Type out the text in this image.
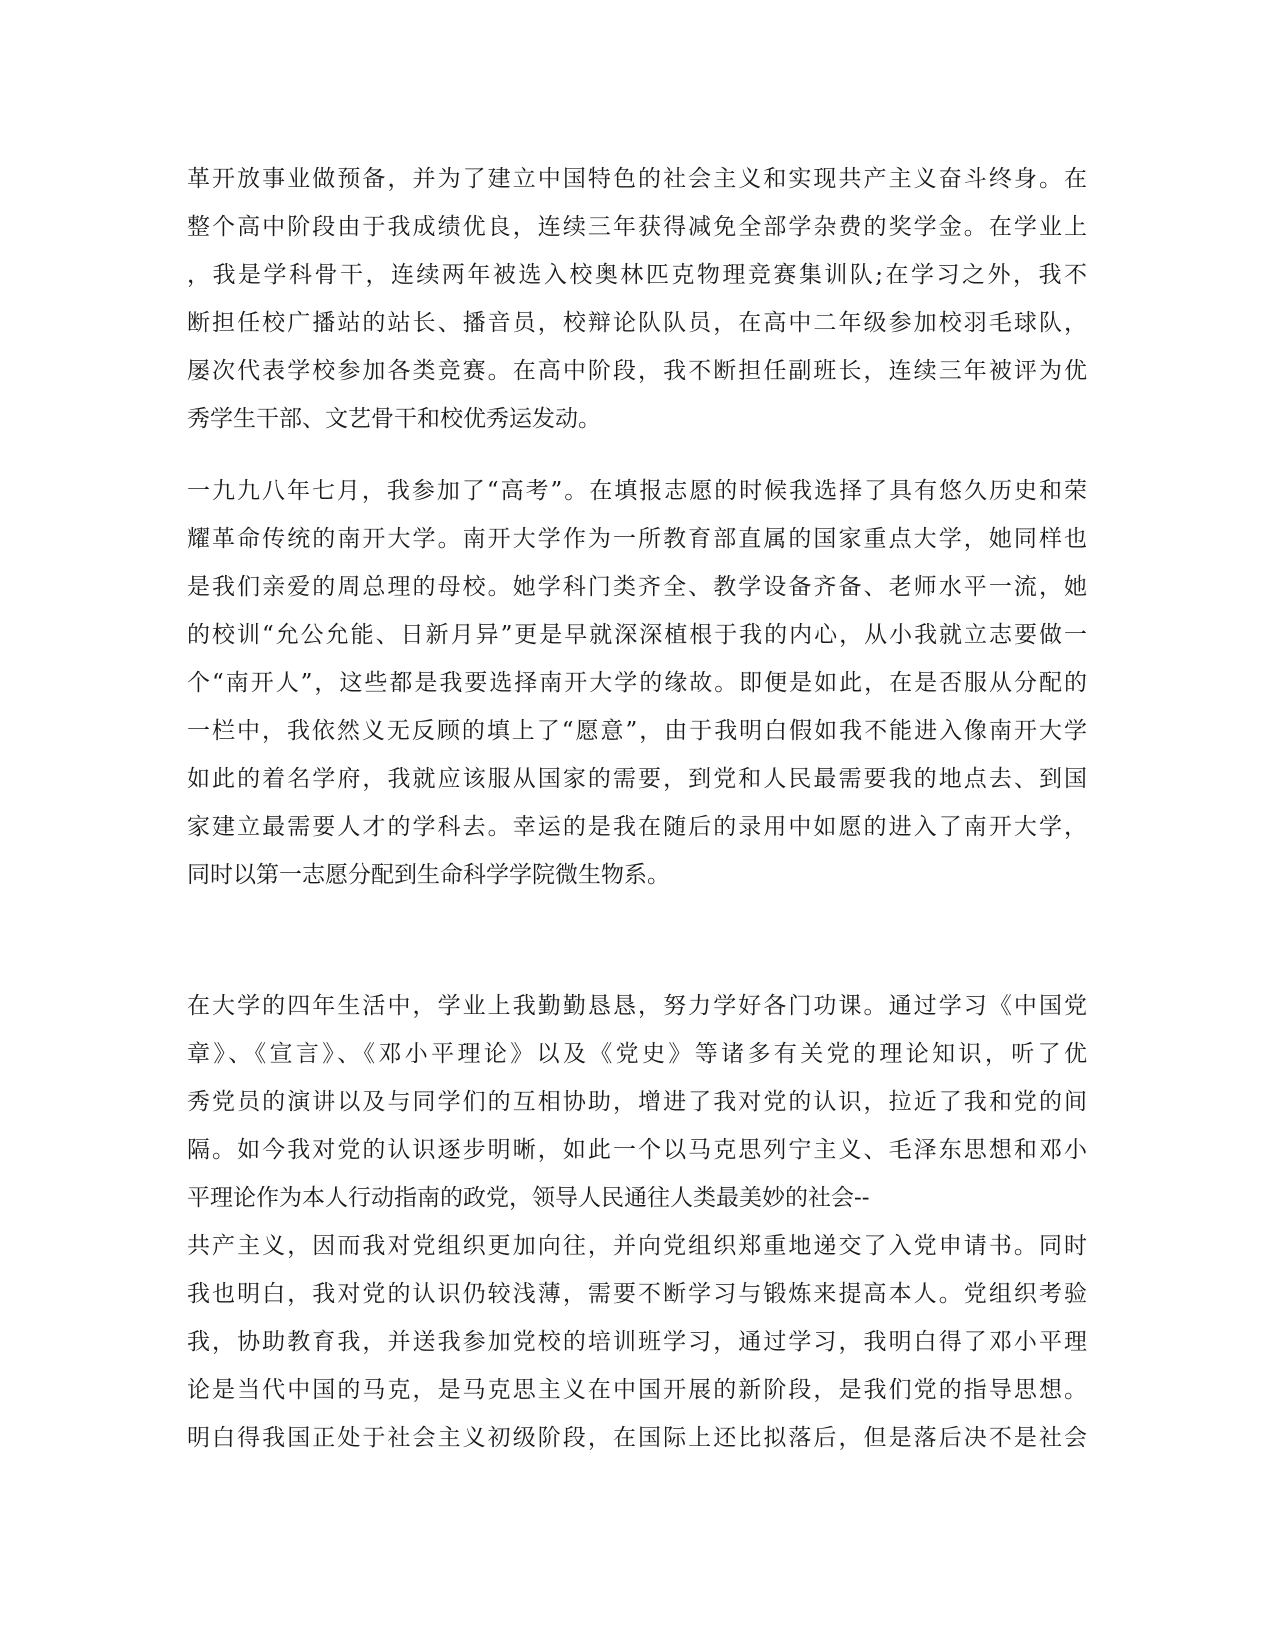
革开放事业做预备，并为了建立中国特色的社会主义和实现共产主义奋斗终身。在
整个高中阶段由于我成绩优良，连续三年获得减免全部学杂费的奖学金。在学业上
，我是学科骨干，连续两年被选入校奥林匹克物理竞赛集训队;在学习之外，我不
断担任校广播站的站长、播音员，校辩论队队员，在高中二年级参加校羽毛球队，
屡次代表学校参加各类竞赛。在高中阶段，我不断担任副班长，连续三年被评为优
秀学生干部、文艺骨干和校优秀运发动。
一九九八年七月，我参加了“高考”。在填报志愿的时候我选择了具有悠久历史和荣
耀革命传统的南开大学。南开大学作为一所教育部直属的国家重点大学，她同样也
是我们亲爱的周总理的母校。她学科门类齐全、教学设备齐备、老师水平一流，她
的校训“允公允能、日新月异”更是早就深深植根于我的内心，从小我就立志要做一
个“南开人”，这些都是我要选择南开大学的缘故。即便是如此，在是否服从分配的
一栏中，我依然义无反顾的填上了“愿意”，由于我明白假如我不能进入像南开大学
如此的着名学府，我就应该服从国家的需要，到党和人民最需要我的地点去、到国
家建立最需要人才的学科去。幸运的是我在随后的录用中如愿的进入了南开大学，
同时以第一志愿分配到生命科学学院微生物系。
在大学的四年生活中，学业上我勤勤恳恳，努力学好各门功课。通过学习《中国党
章》、《宣言》、《邓小平理论》以及《党史》等诸多有关党的理论知识，听了优
秀党员的演讲以及与同学们的互相协助，增进了我对党的认识，拉近了我和党的间
隔。如今我对党的认识逐步明晰，如此一个以马克思列宁主义、毛泽东思想和邓小
平理论作为本人行动指南的政党，领导人民通往人类最美妙的社会--
共产主义，因而我对党组织更加向往，并向党组织郑重地递交了入党申请书。同时
我也明白，我对党的认识仍较浅薄，需要不断学习与锻炼来提高本人。党组织考验
我，协助教育我，并送我参加党校的培训班学习，通过学习，我明白得了邓小平理
论是当代中国的马克，是马克思主义在中国开展的新阶段，是我们党的指导思想。
明白得我国正处于社会主义初级阶段，在国际上还比拟落后，但是落后决不是社会
